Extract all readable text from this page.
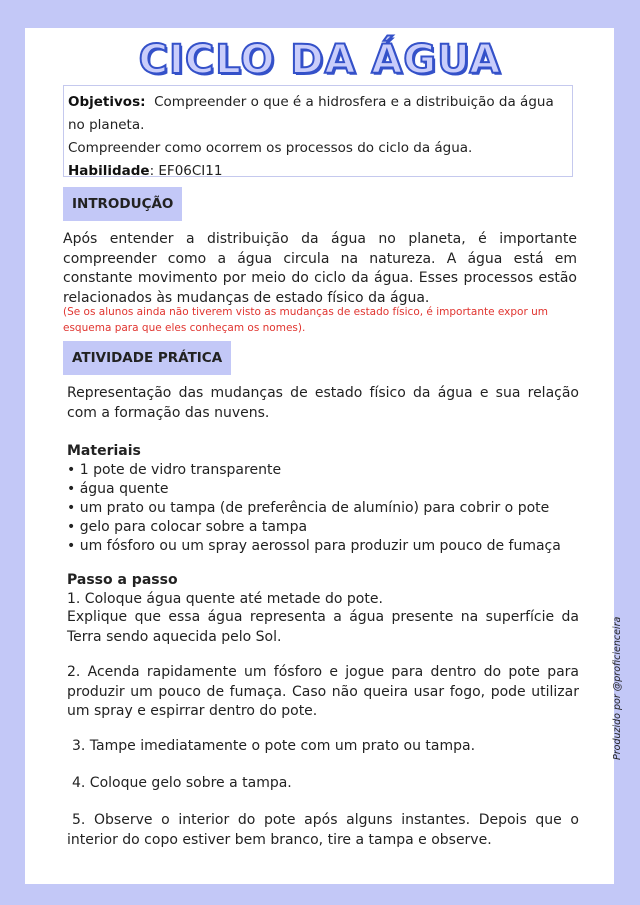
CICLO DA ÁGUA
Objetivos: Compreender o que é a hidrosfera e a distribuição da água no planeta.
Compreender como ocorrem os processos do ciclo da água.
Habilidade: EF06CI11
INTRODUÇÃO
Após entender a distribuição da água no planeta, é importante compreender como a água circula na natureza. A água está em constante movimento por meio do ciclo da água. Esses processos estão relacionados às mudanças de estado físico da água.
(Se os alunos ainda não tiverem visto as mudanças de estado físico, é importante expor um esquema para que eles conheçam os nomes).
ATIVIDADE PRÁTICA
Representação das mudanças de estado físico da água e sua relação com a formação das nuvens.
Materiais
• 1 pote de vidro transparente
• água quente
• um prato ou tampa (de preferência de alumínio) para cobrir o pote
• gelo para colocar sobre a tampa
• um fósforo ou um spray aerossol para produzir um pouco de fumaça
Passo a passo
1. Coloque água quente até metade do pote.
Explique que essa água representa a água presente na superfície da Terra sendo aquecida pelo Sol.
2. Acenda rapidamente um fósforo e jogue para dentro do pote para produzir um pouco de fumaça. Caso não queira usar fogo, pode utilizar um spray e espirrar dentro do pote.
3. Tampe imediatamente o pote com um prato ou tampa.
4. Coloque gelo sobre a tampa.
5. Observe o interior do pote após alguns instantes. Depois que o interior do copo estiver bem branco, tire a tampa e observe.
Produzido por @proficienceira
